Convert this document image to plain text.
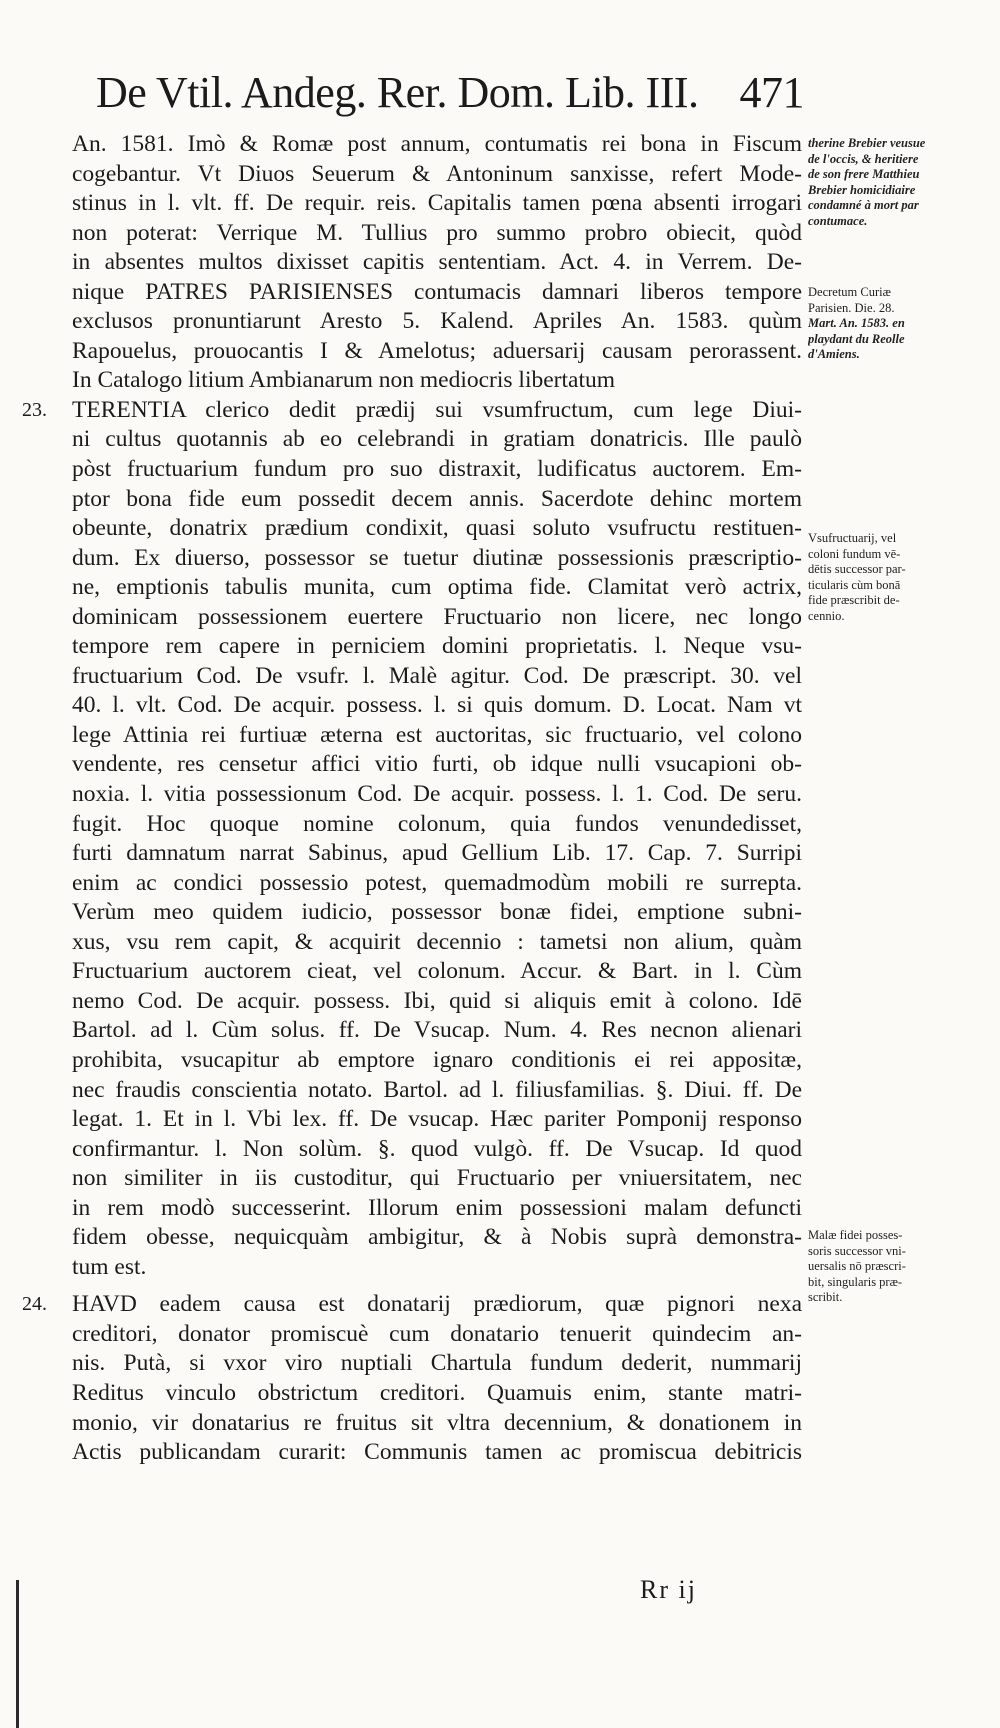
De Vtil. Andeg. Rer. Dom. Lib. III. 471
An. 1581. Imò & Romæ post annum, contumatis rei bona in Fiscum
cogebantur. Vt Diuos Seuerum & Antoninum sanxisse, refert Mode-
stinus in l. vlt. ff. De requir. reis. Capitalis tamen pœna absenti irrogari
non poterat: Verrique M. Tullius pro summo probro obiecit, quòd
in absentes multos dixisset capitis sententiam. Act. 4. in Verrem. De-
nique PATRES PARISIENSES contumacis damnari liberos tempore
exclusos pronuntiarunt Aresto 5. Kalend. Apriles An. 1583. quùm
Rapouelus, prouocantis I & Amelotus; aduersarij causam perorassent.
In Catalogo litium Ambianarum non mediocris libertatum
23. TERENTIA clerico dedit prædij sui vsumfructum, cum lege Diui-
ni cultus quotannis ab eo celebrandi in gratiam donatricis. Ille paulò
pòst fructuarium fundum pro suo distraxit, ludificatus auctorem. Em-
ptor bona fide eum possedit decem annis. Sacerdote dehinc mortem
obeunte, donatrix prædium condixit, quasi soluto vsufructu restituen-
dum. Ex diuerso, possessor se tuetur diutinæ possessionis præscriptio-
ne, emptionis tabulis munita, cum optima fide. Clamitat verò actrix,
dominicam possessionem euertere Fructuario non licere, nec longo
tempore rem capere in perniciem domini proprietatis. l. Neque vsu-
fructuarium Cod. De vsufr. l. Malè agitur. Cod. De præscript. 30. vel
40. l. vlt. Cod. De acquir. possess. l. si quis domum. D. Locat. Nam vt
lege Attinia rei furtiuæ æterna est auctoritas, sic fructuario, vel colono
vendente, res censetur affici vitio furti, ob idque nulli vsucapioni ob-
noxia. l. vitia possessionum Cod. De acquir. possess. l. 1. Cod. De seru.
fugit. Hoc quoque nomine colonum, quia fundos venundedisset,
furti damnatum narrat Sabinus, apud Gellium Lib. 17. Cap. 7. Surripi
enim ac condici possessio potest, quemadmodùm mobili re surrepta.
Verùm meo quidem iudicio, possessor bonæ fidei, emptione subni-
xus, vsu rem capit, & acquirit decennio : tametsi non alium, quàm
Fructuarium auctorem cieat, vel colonum. Accur. & Bart. in l. Cùm
nemo Cod. De acquir. possess. Ibi, quid si aliquis emit à colono. Idē
Bartol. ad l. Cùm solus. ff. De Vsucap. Num. 4. Res necnon alienari
prohibita, vsucapitur ab emptore ignaro conditionis ei rei appositæ,
nec fraudis conscientia notato. Bartol. ad l. filiusfamilias. §. Diui. ff. De
legat. 1. Et in l. Vbi lex. ff. De vsucap. Hæc pariter Pomponij responso
confirmantur. l. Non solùm. §. quod vulgò. ff. De Vsucap. Id quod
non similiter in iis custoditur, qui Fructuario per vniuersitatem, nec
in rem modò successerint. Illorum enim possessioni malam defuncti
fidem obesse, nequicquàm ambigitur, & à Nobis suprà demonstra-
tum est.
24. HAVD eadem causa est donatarij prædiorum, quæ pignori nexa
creditori, donator promiscuè cum donatario tenuerit quindecim an-
nis. Putà, si vxor viro nuptiali Chartula fundum dederit, nummarij
Reditus vinculo obstrictum creditori. Quamuis enim, stante matri-
monio, vir donatarius re fruitus sit vltra decennium, & donationem in
Actis publicandam curarit: Communis tamen ac promiscua debitricis
therine Brebier veusue
de l'occis, & heritiere
de son frere Matthieu
Brebier homicidiaire
condamné à mort par
contumace.
Decretum Curiæ
Parisien. Die. 28.
Mart. An. 1583. en
playdant du Reolle
d'Amiens.
Vsufructuarij, vel
coloni fundum vē-
dētis successor par-
ticularis cùm bonā
fide præscribit de-
cennio.
Malæ fidei posses-
soris successor vni-
uersalis nō præscri-
bit, singularis præ-
scribit.
Rr ij
